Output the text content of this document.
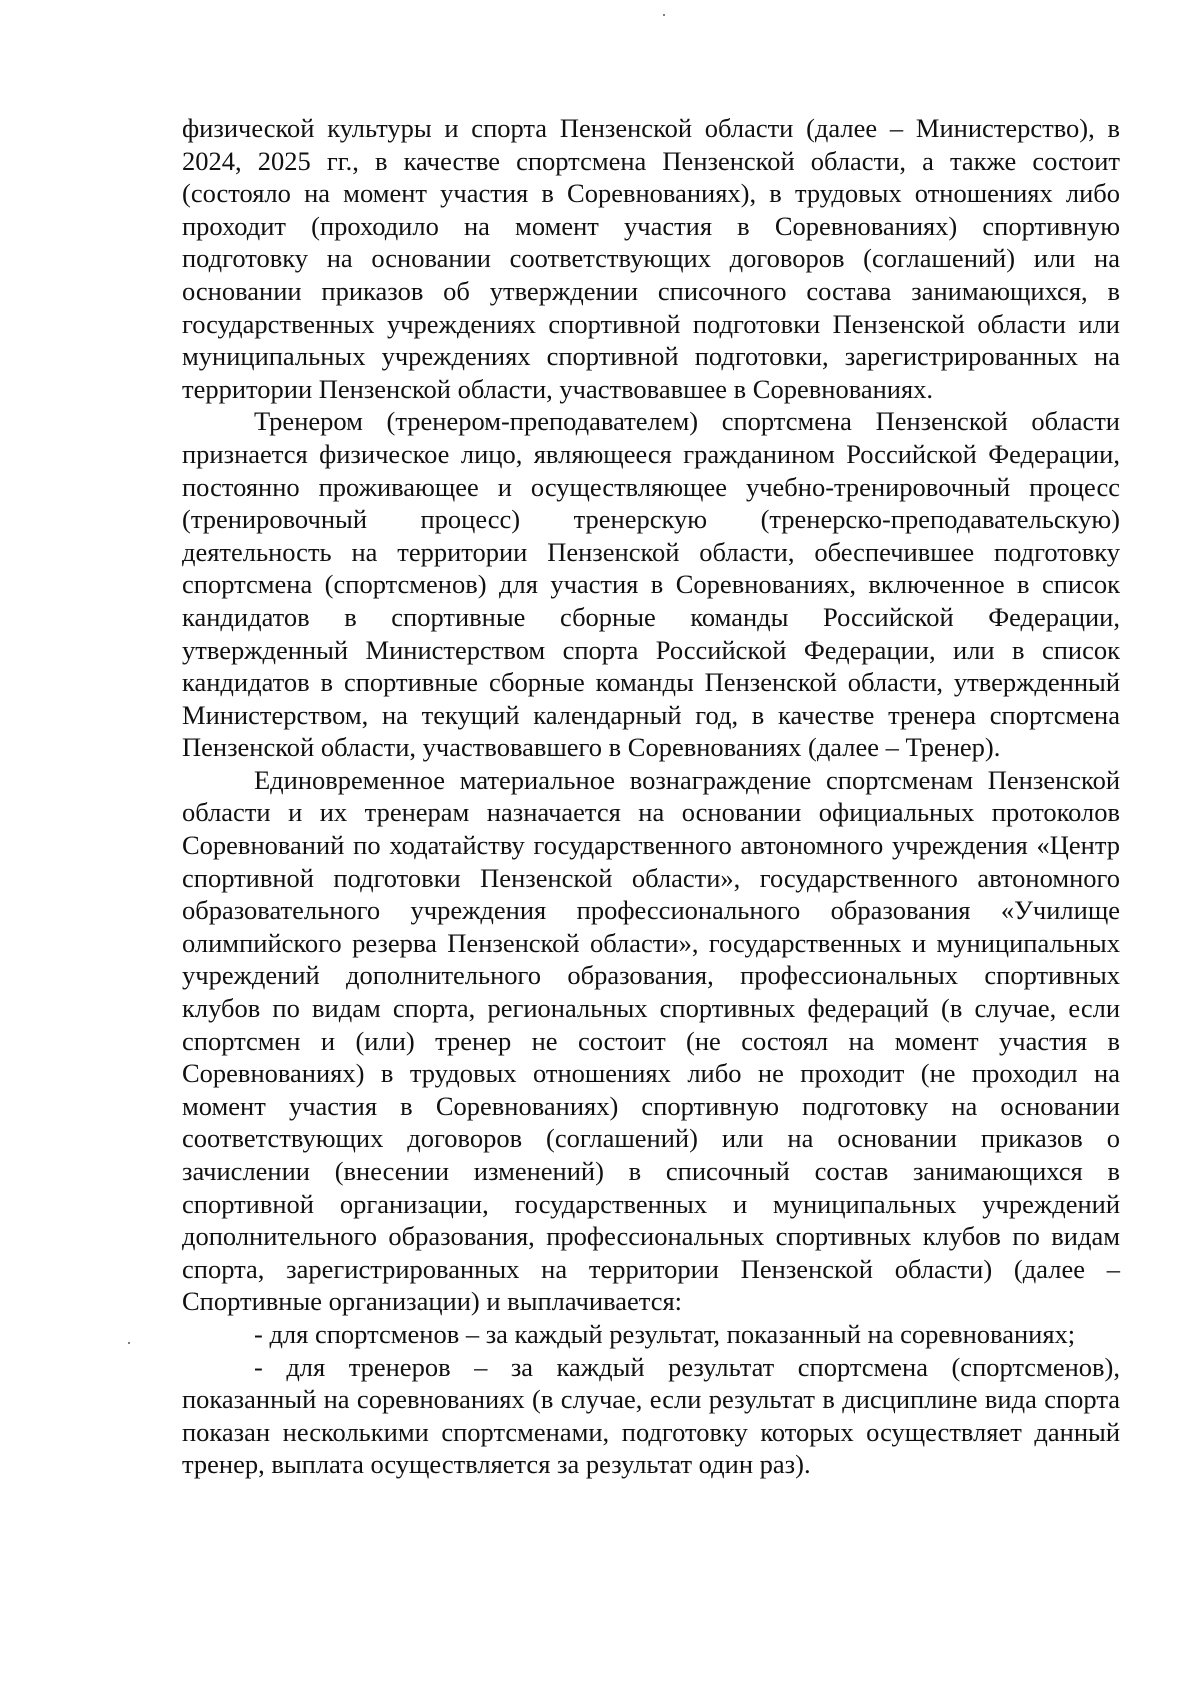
физической культуры и спорта Пензенской области (далее – Министерство), в 2024, 2025 гг., в качестве спортсмена Пензенской области, а также состоит (состояло на момент участия в Соревнованиях), в трудовых отношениях либо проходит (проходило на момент участия в Соревнованиях) спортивную подготовку на основании соответствующих договоров (соглашений) или на основании приказов об утверждении списочного состава занимающихся, в государственных учреждениях спортивной подготовки Пензенской области или муниципальных учреждениях спортивной подготовки, зарегистрированных на территории Пензенской области, участвовавшее в Соревнованиях.

Тренером (тренером-преподавателем) спортсмена Пензенской области признается физическое лицо, являющееся гражданином Российской Федерации, постоянно проживающее и осуществляющее учебно-тренировочный процесс (тренировочный процесс) тренерскую (тренерско-преподавательскую) деятельность на территории Пензенской области, обеспечившее подготовку спортсмена (спортсменов) для участия в Соревнованиях, включенное в список кандидатов в спортивные сборные команды Российской Федерации, утвержденный Министерством спорта Российской Федерации, или в список кандидатов в спортивные сборные команды Пензенской области, утвержденный Министерством, на текущий календарный год, в качестве тренера спортсмена Пензенской области, участвовавшего в Соревнованиях (далее – Тренер).

Единовременное материальное вознаграждение спортсменам Пензенской области и их тренерам назначается на основании официальных протоколов Соревнований по ходатайству государственного автономного учреждения «Центр спортивной подготовки Пензенской области», государственного автономного образовательного учреждения профессионального образования «Училище олимпийского резерва Пензенской области», государственных и муниципальных учреждений дополнительного образования, профессиональных спортивных клубов по видам спорта, региональных спортивных федераций (в случае, если спортсмен и (или) тренер не состоит (не состоял на момент участия в Соревнованиях) в трудовых отношениях либо не проходит (не проходил на момент участия в Соревнованиях) спортивную подготовку на основании соответствующих договоров (соглашений) или на основании приказов о зачислении (внесении изменений) в списочный состав занимающихся в спортивной организации, государственных и муниципальных учреждений дополнительного образования, профессиональных спортивных клубов по видам спорта, зарегистрированных на территории Пензенской области) (далее – Спортивные организации) и выплачивается:

- для спортсменов – за каждый результат, показанный на соревнованиях;

- для тренеров – за каждый результат спортсмена (спортсменов), показанный на соревнованиях (в случае, если результат в дисциплине вида спорта показан несколькими спортсменами, подготовку которых осуществляет данный тренер, выплата осуществляется за результат один раз).
